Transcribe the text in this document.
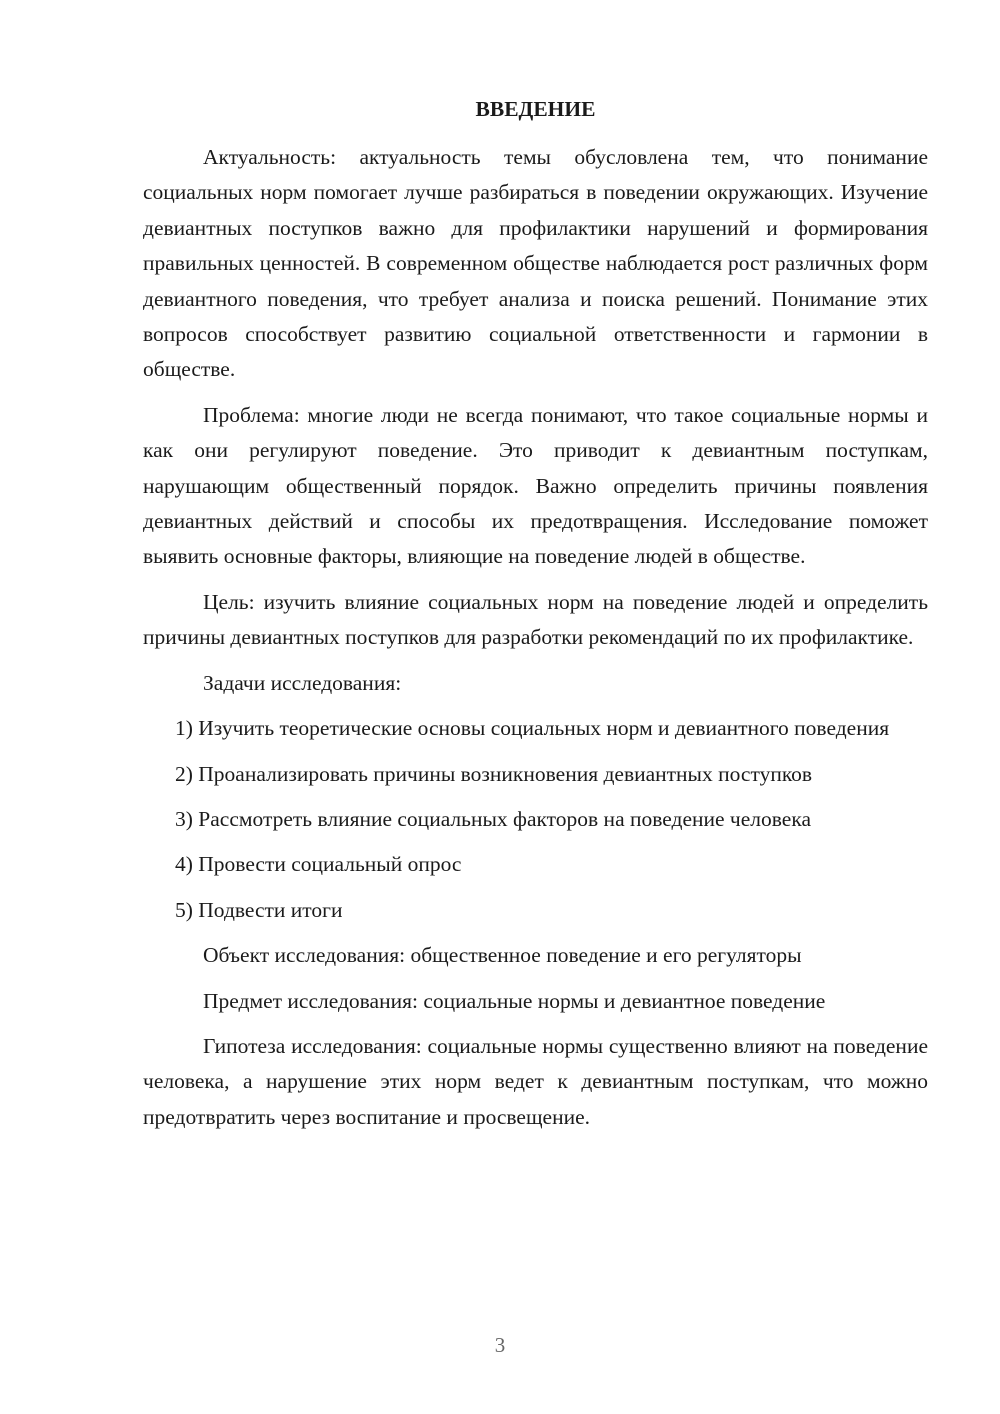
ВВЕДЕНИЕ

Актуальность: актуальность темы обусловлена тем, что понимание социальных норм помогает лучше разбираться в поведении окружающих. Изучение девиантных поступков важно для профилактики нарушений и формирования правильных ценностей. В современном обществе наблюдается рост различных форм девиантного поведения, что требует анализа и поиска решений. Понимание этих вопросов способствует развитию социальной ответственности и гармонии в обществе.

Проблема: многие люди не всегда понимают, что такое социальные нормы и как они регулируют поведение. Это приводит к девиантным поступкам, нарушающим общественный порядок. Важно определить причины появления девиантных действий и способы их предотвращения. Исследование поможет выявить основные факторы, влияющие на поведение людей в обществе.

Цель: изучить влияние социальных норм на поведение людей и определить причины девиантных поступков для разработки рекомендаций по их профилактике.

Задачи исследования:

1) Изучить теоретические основы социальных норм и девиантного поведения
2) Проанализировать причины возникновения девиантных поступков
3) Рассмотреть влияние социальных факторов на поведение человека
4) Провести социальный опрос
5) Подвести итоги

Объект исследования: общественное поведение и его регуляторы

Предмет исследования: социальные нормы и девиантное поведение

Гипотеза исследования: социальные нормы существенно влияют на поведение человека, а нарушение этих норм ведет к девиантным поступкам, что можно предотвратить через воспитание и просвещение.

3
